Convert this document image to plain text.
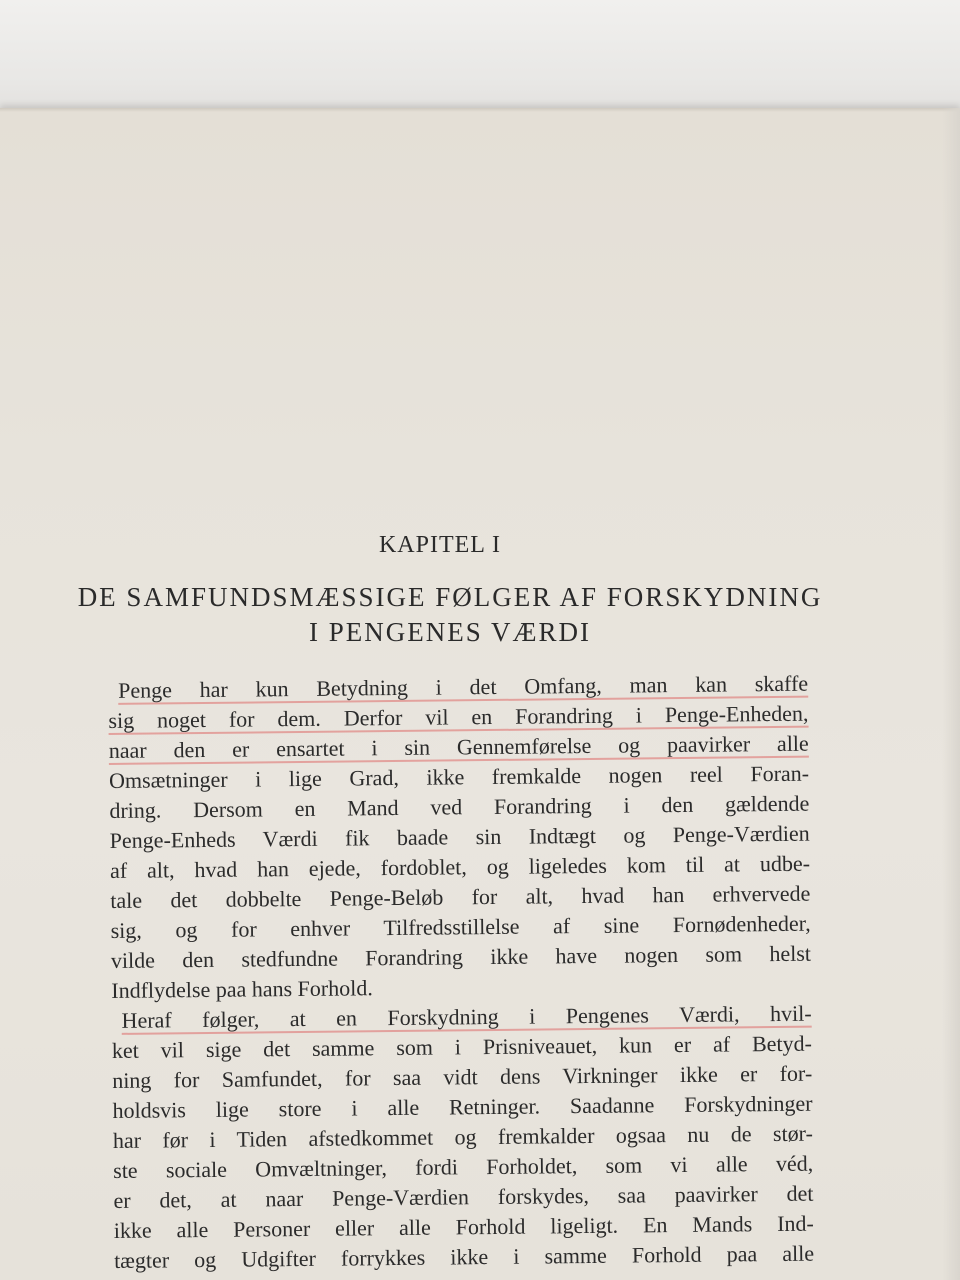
KAPITEL I
DE SAMFUNDSMÆSSIGE FØLGER AF FORSKYDNING
I PENGENES VÆRDI
Penge har kun Betydning i det Omfang, man kan skaffe
sig noget for dem. Derfor vil en Forandring i Penge-Enheden,
naar den er ensartet i sin Gennemførelse og paavirker alle
Omsætninger i lige Grad, ikke fremkalde nogen reel Foran-
dring. Dersom en Mand ved Forandring i den gældende
Penge-Enheds Værdi fik baade sin Indtægt og Penge-Værdien
af alt, hvad han ejede, fordoblet, og ligeledes kom til at udbe-
tale det dobbelte Penge-Beløb for alt, hvad han erhvervede
sig, og for enhver Tilfredsstillelse af sine Fornødenheder,
vilde den stedfundne Forandring ikke have nogen som helst
Indflydelse paa hans Forhold.
Heraf følger, at en Forskydning i Pengenes Værdi, hvil-
ket vil sige det samme som i Prisniveauet, kun er af Betyd-
ning for Samfundet, for saa vidt dens Virkninger ikke er for-
holdsvis lige store i alle Retninger. Saadanne Forskydninger
har før i Tiden afstedkommet og fremkalder ogsaa nu de stør-
ste sociale Omvæltninger, fordi Forholdet, som vi alle véd,
er det, at naar Penge-Værdien forskydes, saa paavirker det
ikke alle Personer eller alle Forhold ligeligt. En Mands Ind-
tægter og Udgifter forrykkes ikke i samme Forhold paa alle
